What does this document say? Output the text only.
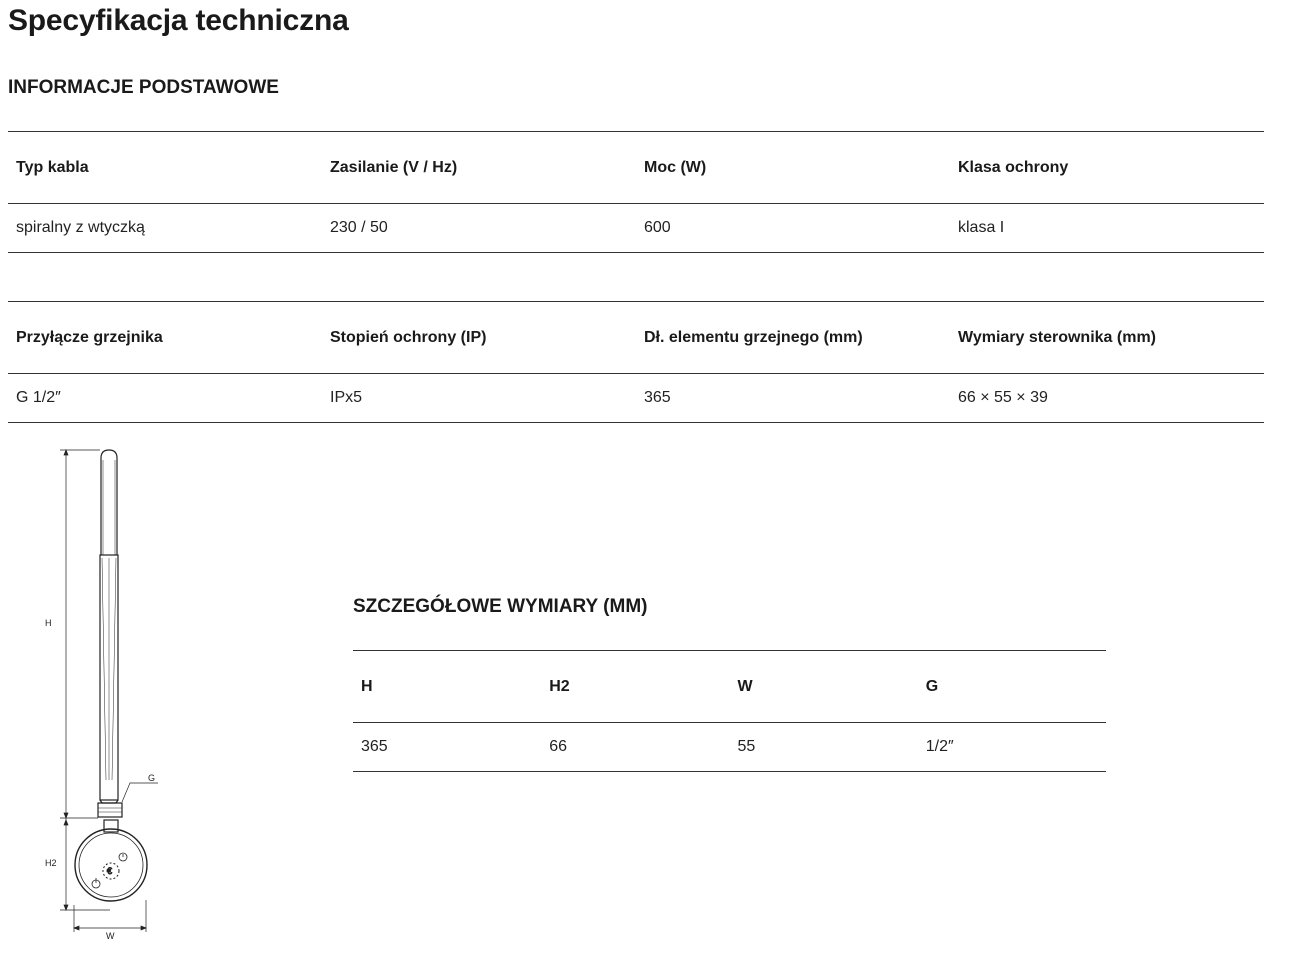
Specyfikacja techniczna
INFORMACJE PODSTAWOWE
Typ kabla	Zasilanie (V / Hz)	Moc (W)	Klasa ochrony
spiralny z wtyczką	230 / 50	600	klasa I
Przyłącze grzejnika	Stopień ochrony (IP)	Dł. elementu grzejnego (mm)	Wymiary sterownika (mm)
G 1/2″	IPx5	365	66 × 55 × 39
€
H
H2
W
G
SZCZEGÓŁOWE WYMIARY (MM)
H	H2	W	G
365	66	55	1/2″
